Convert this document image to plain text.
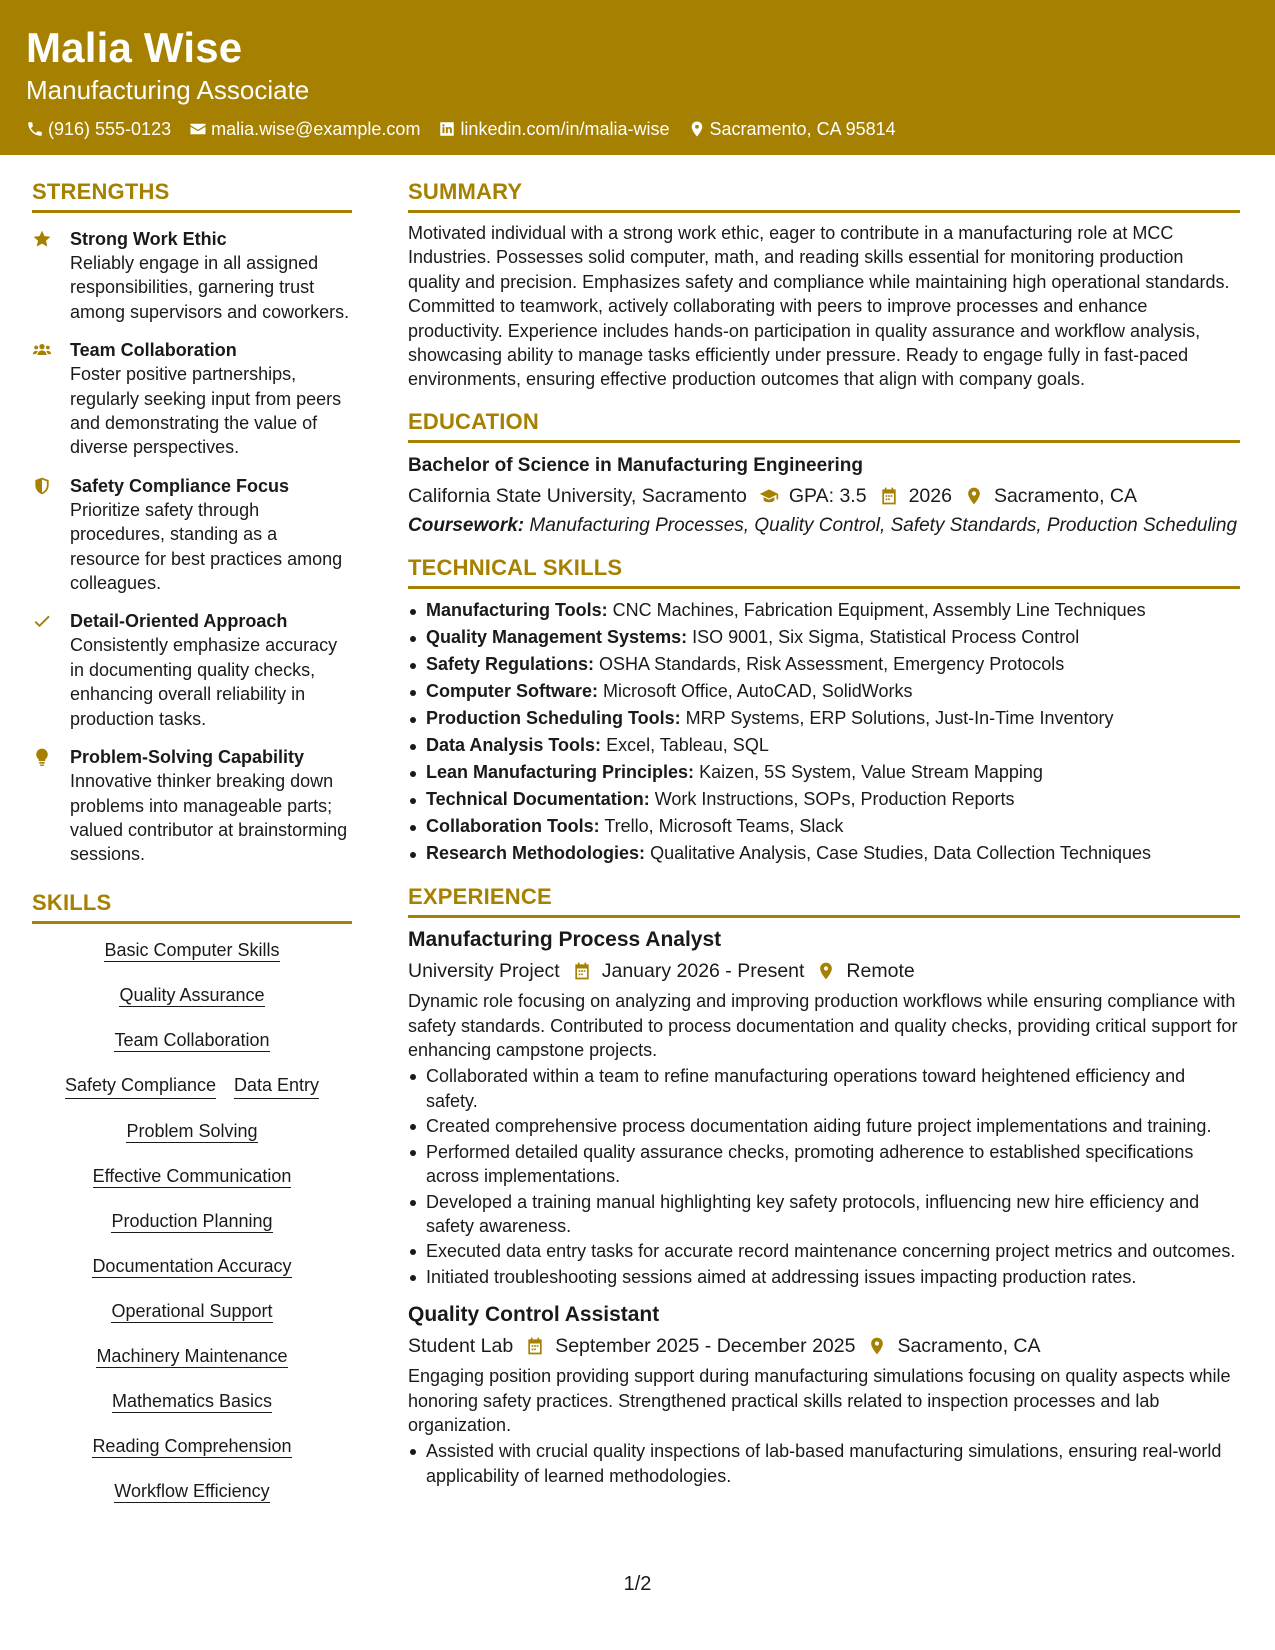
Malia Wise
Manufacturing Associate
(916) 555-0123 malia.wise@example.com linkedin.com/in/malia-wise Sacramento, CA 95814
STRENGTHS
Strong Work Ethic
Reliably engage in all assigned responsibilities, garnering trust among supervisors and coworkers.
Team Collaboration
Foster positive partnerships, regularly seeking input from peers and demonstrating the value of diverse perspectives.
Safety Compliance Focus
Prioritize safety through procedures, standing as a resource for best practices among colleagues.
Detail-Oriented Approach
Consistently emphasize accuracy in documenting quality checks, enhancing overall reliability in production tasks.
Problem-Solving Capability
Innovative thinker breaking down problems into manageable parts; valued contributor at brainstorming sessions.
SKILLS
Basic Computer Skills
Quality Assurance
Team Collaboration
Safety Compliance Data Entry
Problem Solving
Effective Communication
Production Planning
Documentation Accuracy
Operational Support
Machinery Maintenance
Mathematics Basics
Reading Comprehension
Workflow Efficiency
SUMMARY
Motivated individual with a strong work ethic, eager to contribute in a manufacturing role at MCC Industries. Possesses solid computer, math, and reading skills essential for monitoring production quality and precision. Emphasizes safety and compliance while maintaining high operational standards. Committed to teamwork, actively collaborating with peers to improve processes and enhance productivity. Experience includes hands-on participation in quality assurance and workflow analysis, showcasing ability to manage tasks efficiently under pressure. Ready to engage fully in fast-paced environments, ensuring effective production outcomes that align with company goals.
EDUCATION
Bachelor of Science in Manufacturing Engineering
California State University, Sacramento GPA: 3.5 2026 Sacramento, CA
Coursework: Manufacturing Processes, Quality Control, Safety Standards, Production Scheduling
TECHNICAL SKILLS
Manufacturing Tools: CNC Machines, Fabrication Equipment, Assembly Line Techniques
Quality Management Systems: ISO 9001, Six Sigma, Statistical Process Control
Safety Regulations: OSHA Standards, Risk Assessment, Emergency Protocols
Computer Software: Microsoft Office, AutoCAD, SolidWorks
Production Scheduling Tools: MRP Systems, ERP Solutions, Just-In-Time Inventory
Data Analysis Tools: Excel, Tableau, SQL
Lean Manufacturing Principles: Kaizen, 5S System, Value Stream Mapping
Technical Documentation: Work Instructions, SOPs, Production Reports
Collaboration Tools: Trello, Microsoft Teams, Slack
Research Methodologies: Qualitative Analysis, Case Studies, Data Collection Techniques
EXPERIENCE
Manufacturing Process Analyst
University Project January 2026 - Present Remote
Dynamic role focusing on analyzing and improving production workflows while ensuring compliance with safety standards. Contributed to process documentation and quality checks, providing critical support for enhancing campstone projects.
Collaborated within a team to refine manufacturing operations toward heightened efficiency and safety.
Created comprehensive process documentation aiding future project implementations and training.
Performed detailed quality assurance checks, promoting adherence to established specifications across implementations.
Developed a training manual highlighting key safety protocols, influencing new hire efficiency and safety awareness.
Executed data entry tasks for accurate record maintenance concerning project metrics and outcomes.
Initiated troubleshooting sessions aimed at addressing issues impacting production rates.
Quality Control Assistant
Student Lab September 2025 - December 2025 Sacramento, CA
Engaging position providing support during manufacturing simulations focusing on quality aspects while honoring safety practices. Strengthened practical skills related to inspection processes and lab organization.
Assisted with crucial quality inspections of lab-based manufacturing simulations, ensuring real-world applicability of learned methodologies.
1/2
